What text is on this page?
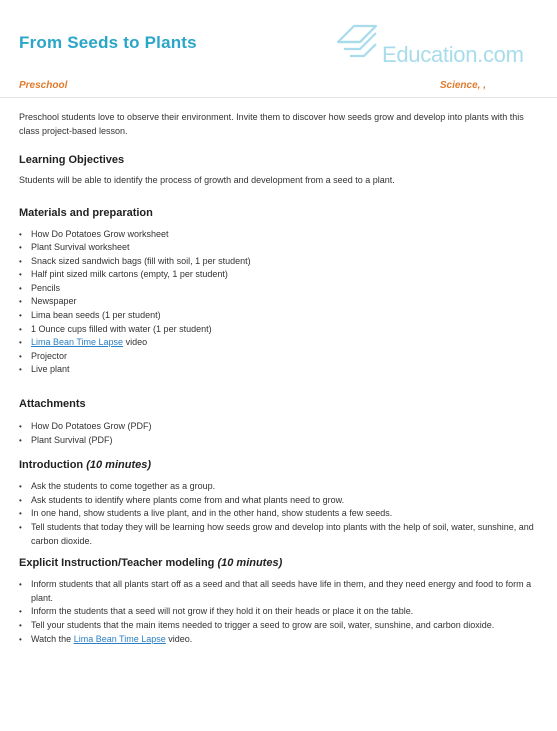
From Seeds to Plants	Education.com
Preschool	Science, ,

Preschool students love to observe their environment. Invite them to discover how seeds grow and develop into plants with this class project-based lesson.

Learning Objectives

Students will be able to identify the process of growth and development from a seed to a plant.

Materials and preparation
• How Do Potatoes Grow worksheet
• Plant Survival worksheet
• Snack sized sandwich bags (fill with soil, 1 per student)
• Half pint sized milk cartons (empty, 1 per student)
• Pencils
• Newspaper
• Lima bean seeds (1 per student)
• 1 Ounce cups filled with water (1 per student)
• Lima Bean Time Lapse video
• Projector
• Live plant
Attachments
• How Do Potatoes Grow (PDF)
• Plant Survival (PDF)
Introduction (10 minutes)
• Ask the students to come together as a group.
• Ask students to identify where plants come from and what plants need to grow.
• In one hand, show students a live plant, and in the other hand, show students a few seeds.
• Tell students that today they will be learning how seeds grow and develop into plants with the help of soil, water, sunshine, and carbon dioxide.
Explicit Instruction/Teacher modeling (10 minutes)
• Inform students that all plants start off as a seed and that all seeds have life in them, and they need energy and food to form a plant.
• Inform the students that a seed will not grow if they hold it on their heads or place it on the table.
• Tell your students that the main items needed to trigger a seed to grow are soil, water, sunshine, and carbon dioxide.
• Watch the Lima Bean Time Lapse video.
